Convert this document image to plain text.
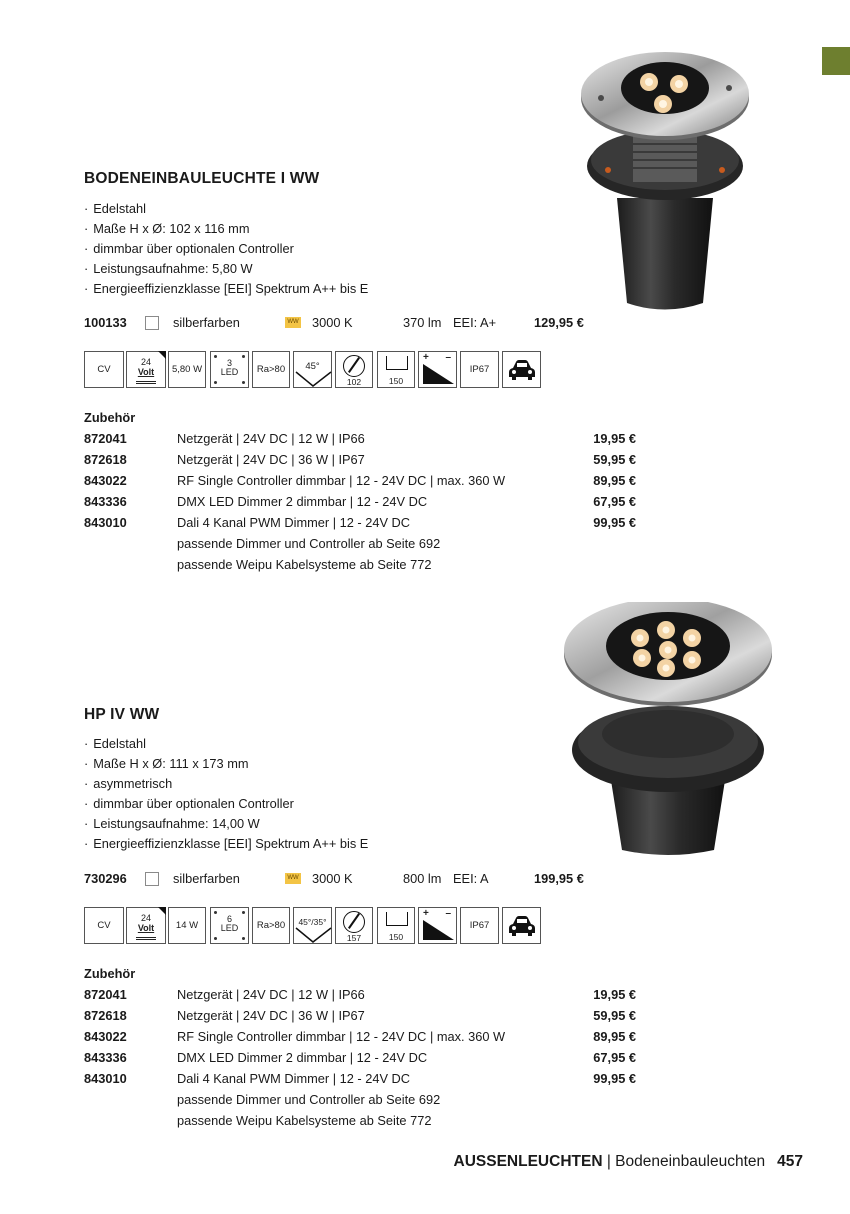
BODENEINBAULEUCHTE I WW
· Edelstahl
· Maße H x Ø: 102 x 116 mm
· dimmbar über optionalen Controller
· Leistungsaufnahme: 5,80 W
· Energieeffizienzklasse [EEI] Spektrum A++ bis E
100133	silberfarben	WW 3000 K	370 lm EEI: A+	129,95 €
CV
24
Volt	5,80 W
3
LED	Ra>80	45°
102	150
+ –
IP67
Zubehör
872041	Netzgerät | 24V DC | 12 W | IP66	19,95 €
872618	Netzgerät | 24V DC | 36 W | IP67	59,95 €
843022	RF Single Controller dimmbar | 12 - 24V DC | max. 360 W	89,95 €
843336	DMX LED Dimmer 2 dimmbar | 12 - 24V DC	67,95 €
843010	Dali 4 Kanal PWM Dimmer | 12 - 24V DC	99,95 €
passende Dimmer und Controller ab Seite 692
passende Weipu Kabelsysteme ab Seite 772
HP IV WW
· Edelstahl
· Maße H x Ø: 111 x 173 mm
· asymmetrisch
· dimmbar über optionalen Controller
· Leistungsaufnahme: 14,00 W
· Energieeffizienzklasse [EEI] Spektrum A++ bis E
730296	silberfarben	WW 3000 K	800 lm EEI: A	199,95 €
CV
24
Volt	14 W
6
LED	Ra>80	45°/35°
157	150
+ –
IP67
Zubehör
872041	Netzgerät | 24V DC | 12 W | IP66	19,95 €
872618	Netzgerät | 24V DC | 36 W | IP67	59,95 €
843022	RF Single Controller dimmbar | 12 - 24V DC | max. 360 W	89,95 €
843336	DMX LED Dimmer 2 dimmbar | 12 - 24V DC	67,95 €
843010	Dali 4 Kanal PWM Dimmer | 12 - 24V DC	99,95 €
passende Dimmer und Controller ab Seite 692
passende Weipu Kabelsysteme ab Seite 772
AUSSENLEUCHTEN | Bodeneinbauleuchten 457
